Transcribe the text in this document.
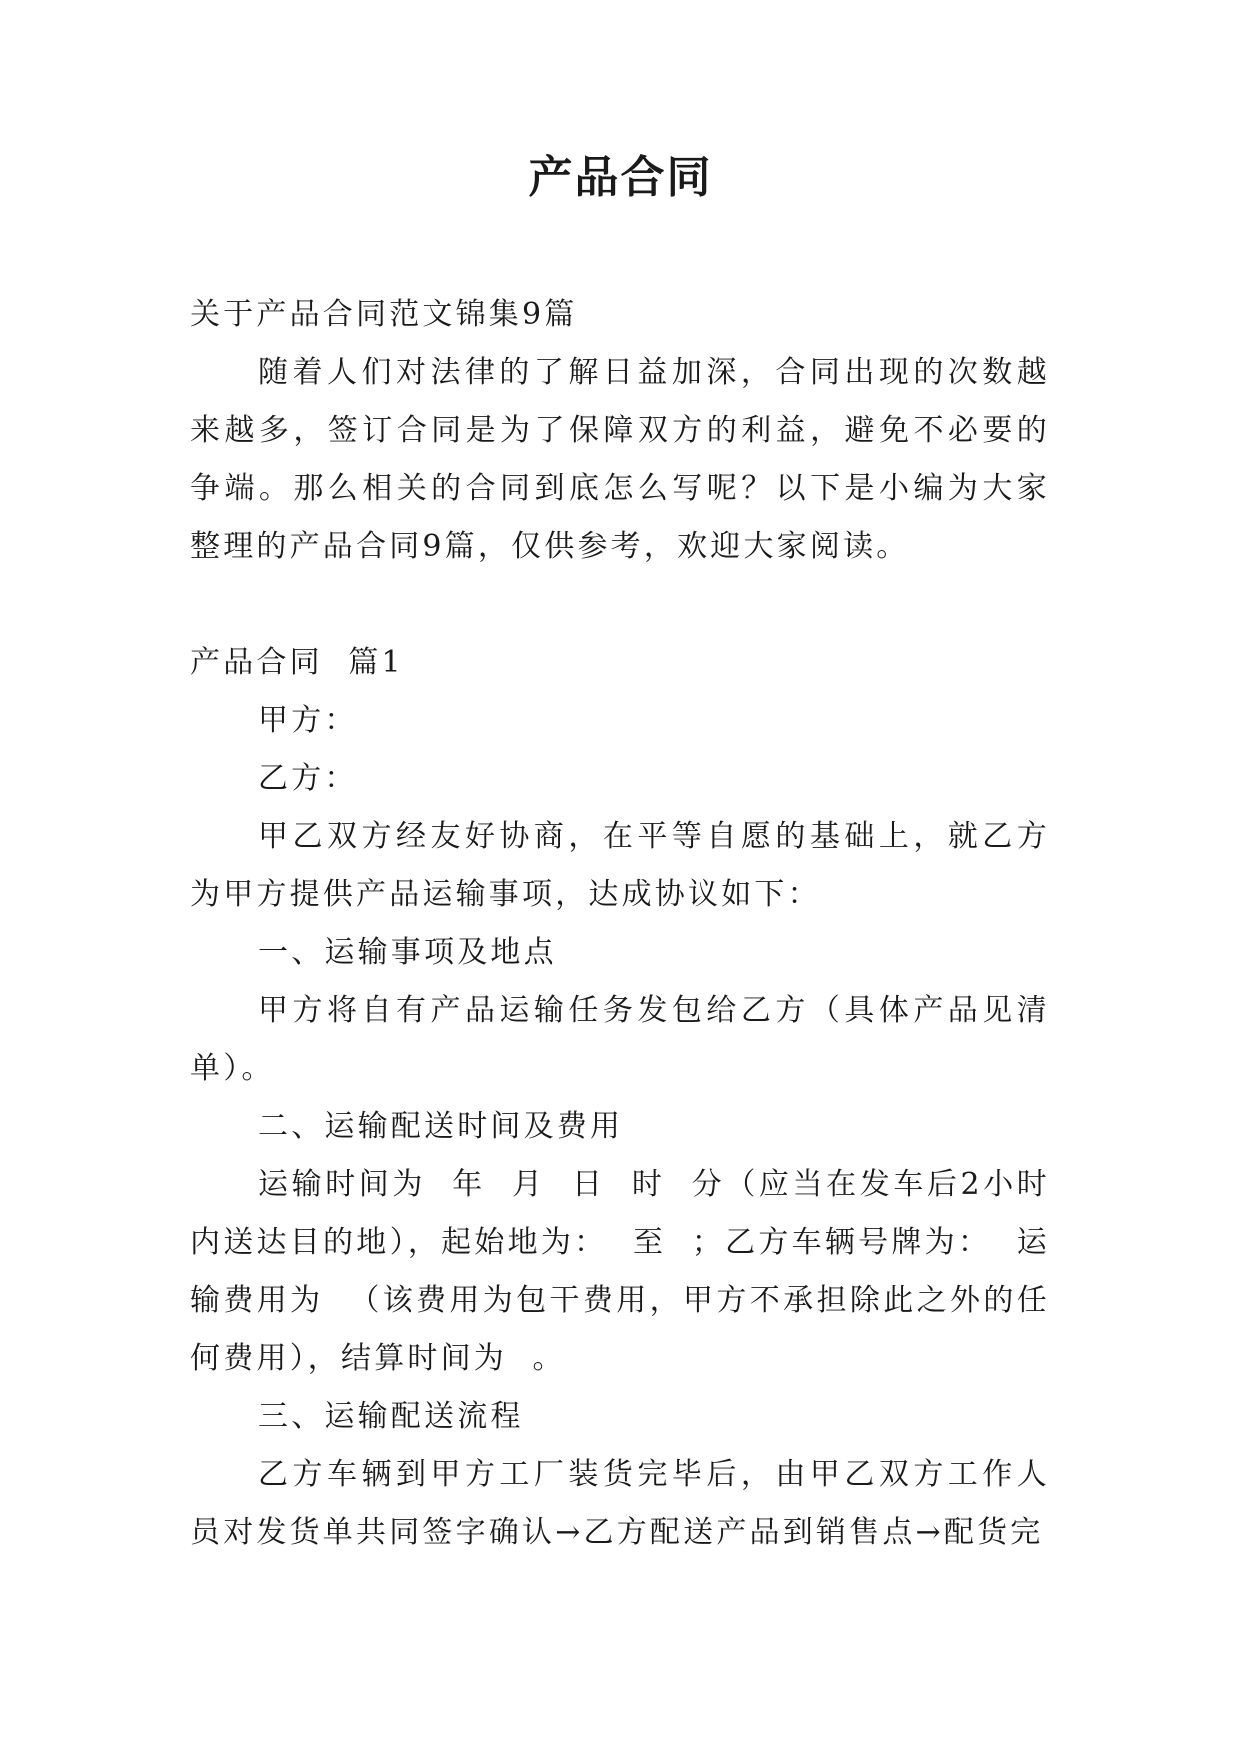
产品合同

关于产品合同范文锦集9篇

随着人们对法律的了解日益加深，合同出现的次数越来越多，签订合同是为了保障双方的利益，避免不必要的争端。那么相关的合同到底怎么写呢？以下是小编为大家整理的产品合同9篇，仅供参考，欢迎大家阅读。

产品合同  篇1

甲方：

乙方：

甲乙双方经友好协商，在平等自愿的基础上，就乙方为甲方提供产品运输事项，达成协议如下：

一、运输事项及地点

甲方将自有产品运输任务发包给乙方（具体产品见清单）。

二、运输配送时间及费用

运输时间为  年  月  日  时  分（应当在发车后2小时内送达目的地），起始地为：  至  ；乙方车辆号牌为：  运输费用为  （该费用为包干费用，甲方不承担除此之外的任何费用），结算时间为  。

三、运输配送流程

乙方车辆到甲方工厂装货完毕后，由甲乙双方工作人员对发货单共同签字确认→乙方配送产品到销售点→配货完
